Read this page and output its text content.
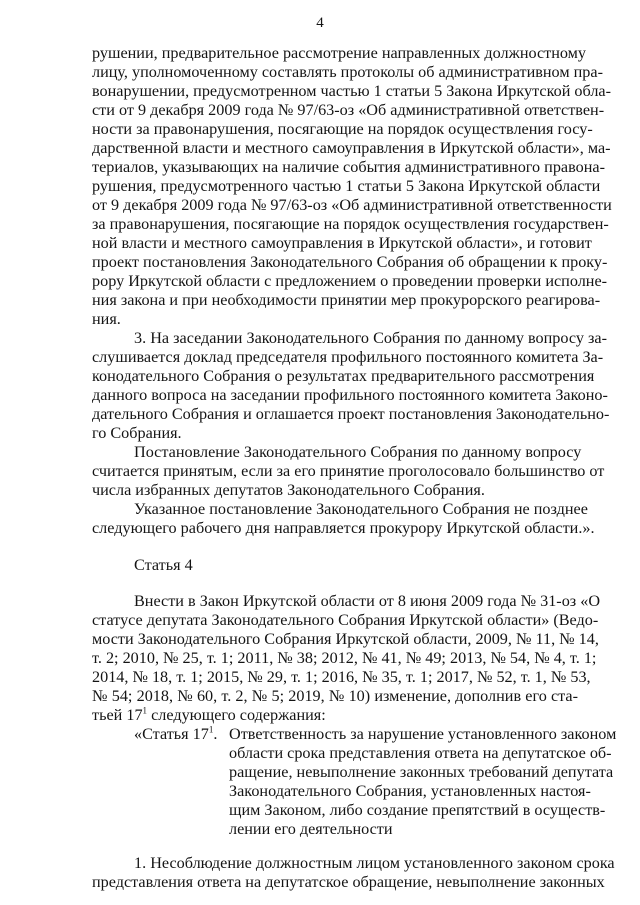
4
рушении, предварительное рассмотрение направленных должностному
лицу, уполномоченному составлять протоколы об административном пра-
вонарушении, предусмотренном частью 1 статьи 5 Закона Иркутской обла-
сти от 9 декабря 2009 года № 97/63-оз «Об административной ответствен-
ности за правонарушения, посягающие на порядок осуществления госу-
дарственной власти и местного самоуправления в Иркутской области», ма-
териалов, указывающих на наличие события административного правона-
рушения, предусмотренного частью 1 статьи 5 Закона Иркутской области
от 9 декабря 2009 года № 97/63-оз «Об административной ответственности
за правонарушения, посягающие на порядок осуществления государствен-
ной власти и местного самоуправления в Иркутской области», и готовит
проект постановления Законодательного Собрания об обращении к проку-
рору Иркутской области с предложением о проведении проверки исполне-
ния закона и при необходимости принятии мер прокурорского реагирова-
ния.
3. На заседании Законодательного Собрания по данному вопросу за-
слушивается доклад председателя профильного постоянного комитета За-
конодательного Собрания о результатах предварительного рассмотрения
данного вопроса на заседании профильного постоянного комитета Законо-
дательного Собрания и оглашается проект постановления Законодательно-
го Собрания.
Постановление Законодательного Собрания по данному вопросу
считается принятым, если за его принятие проголосовало большинство от
числа избранных депутатов Законодательного Собрания.
Указанное постановление Законодательного Собрания не позднее
следующего рабочего дня направляется прокурору Иркутской области.».
Статья 4
Внести в Закон Иркутской области от 8 июня 2009 года № 31-оз «О
статусе депутата Законодательного Собрания Иркутской области» (Ведо-
мости Законодательного Собрания Иркутской области, 2009, № 11, № 14,
т. 2; 2010, № 25, т. 1; 2011, № 38; 2012, № 41, № 49; 2013, № 54, № 4, т. 1;
2014, № 18, т. 1; 2015, № 29, т. 1; 2016, № 35, т. 1; 2017, № 52, т. 1, № 53,
№ 54; 2018, № 60, т. 2, № 5; 2019, № 10) изменение, дополнив его ста-
тьей $17^1$ следующего содержания:
«Статья $17^1$. Ответственность за нарушение установленного законом
области срока представления ответа на депутатское об-
ращение, невыполнение законных требований депутата
Законодательного Собрания, установленных настоя-
щим Законом, либо создание препятствий в осуществ-
лении его деятельности
1. Несоблюдение должностным лицом установленного законом срока
представления ответа на депутатское обращение, невыполнение законных
